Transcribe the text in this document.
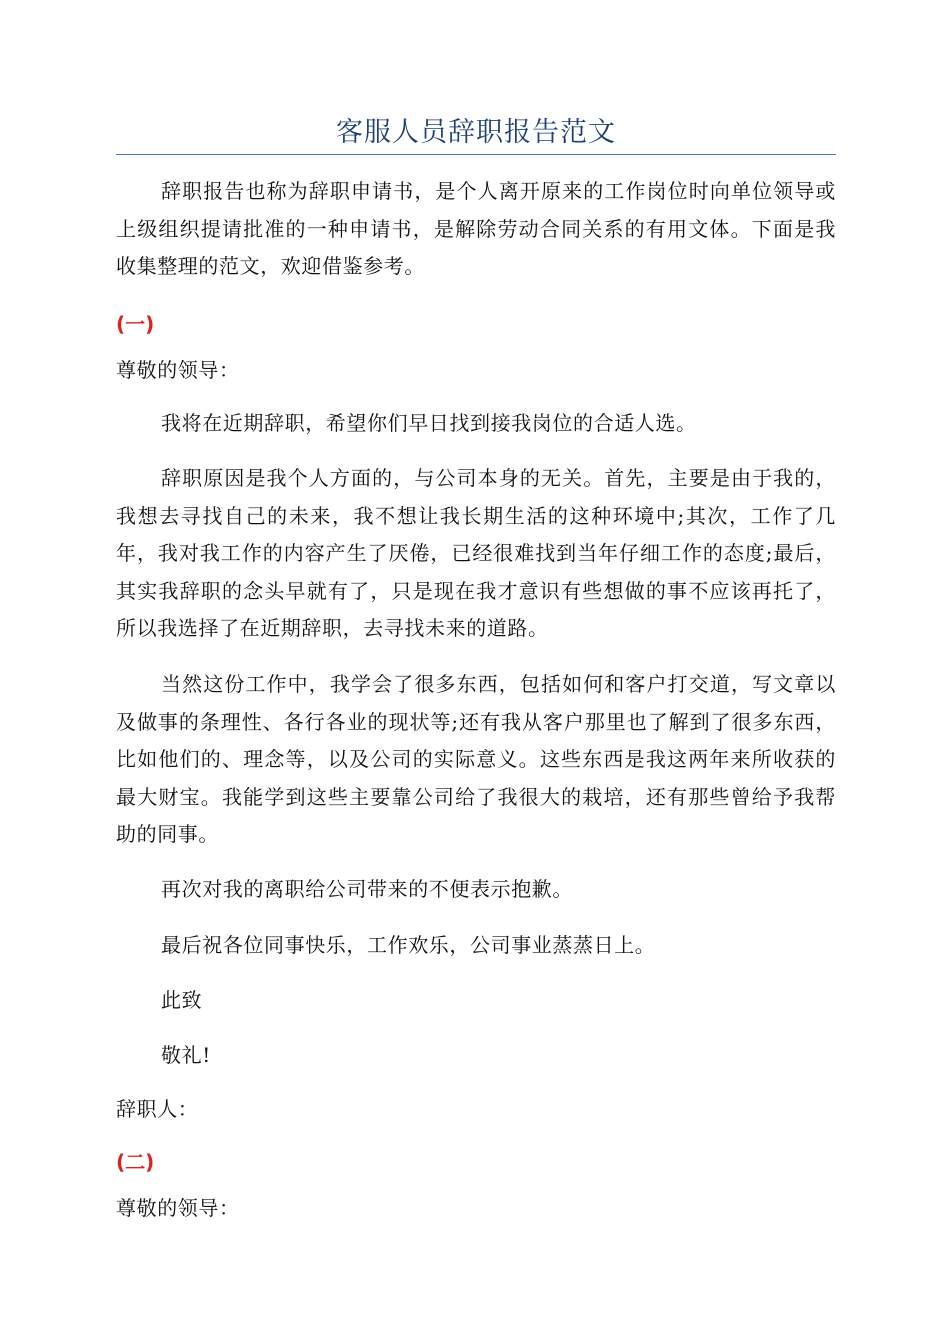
客服人员辞职报告范文

辞职报告也称为辞职申请书，是个人离开原来的工作岗位时向单位领导或上级组织提请批准的一种申请书，是解除劳动合同关系的有用文体。下面是我收集整理的范文，欢迎借鉴参考。

(一)

尊敬的领导：

我将在近期辞职，希望你们早日找到接我岗位的合适人选。

辞职原因是我个人方面的，与公司本身的无关。首先，主要是由于我的，我想去寻找自己的未来，我不想让我长期生活的这种环境中;其次，工作了几年，我对我工作的内容产生了厌倦，已经很难找到当年仔细工作的态度;最后，其实我辞职的念头早就有了，只是现在我才意识有些想做的事不应该再托了，所以我选择了在近期辞职，去寻找未来的道路。

当然这份工作中，我学会了很多东西，包括如何和客户打交道，写文章以及做事的条理性、各行各业的现状等;还有我从客户那里也了解到了很多东西，比如他们的、理念等，以及公司的实际意义。这些东西是我这两年来所收获的最大财宝。我能学到这些主要靠公司给了我很大的栽培，还有那些曾给予我帮助的同事。

再次对我的离职给公司带来的不便表示抱歉。

最后祝各位同事快乐，工作欢乐，公司事业蒸蒸日上。

此致

敬礼!

辞职人：

(二)

尊敬的领导：
